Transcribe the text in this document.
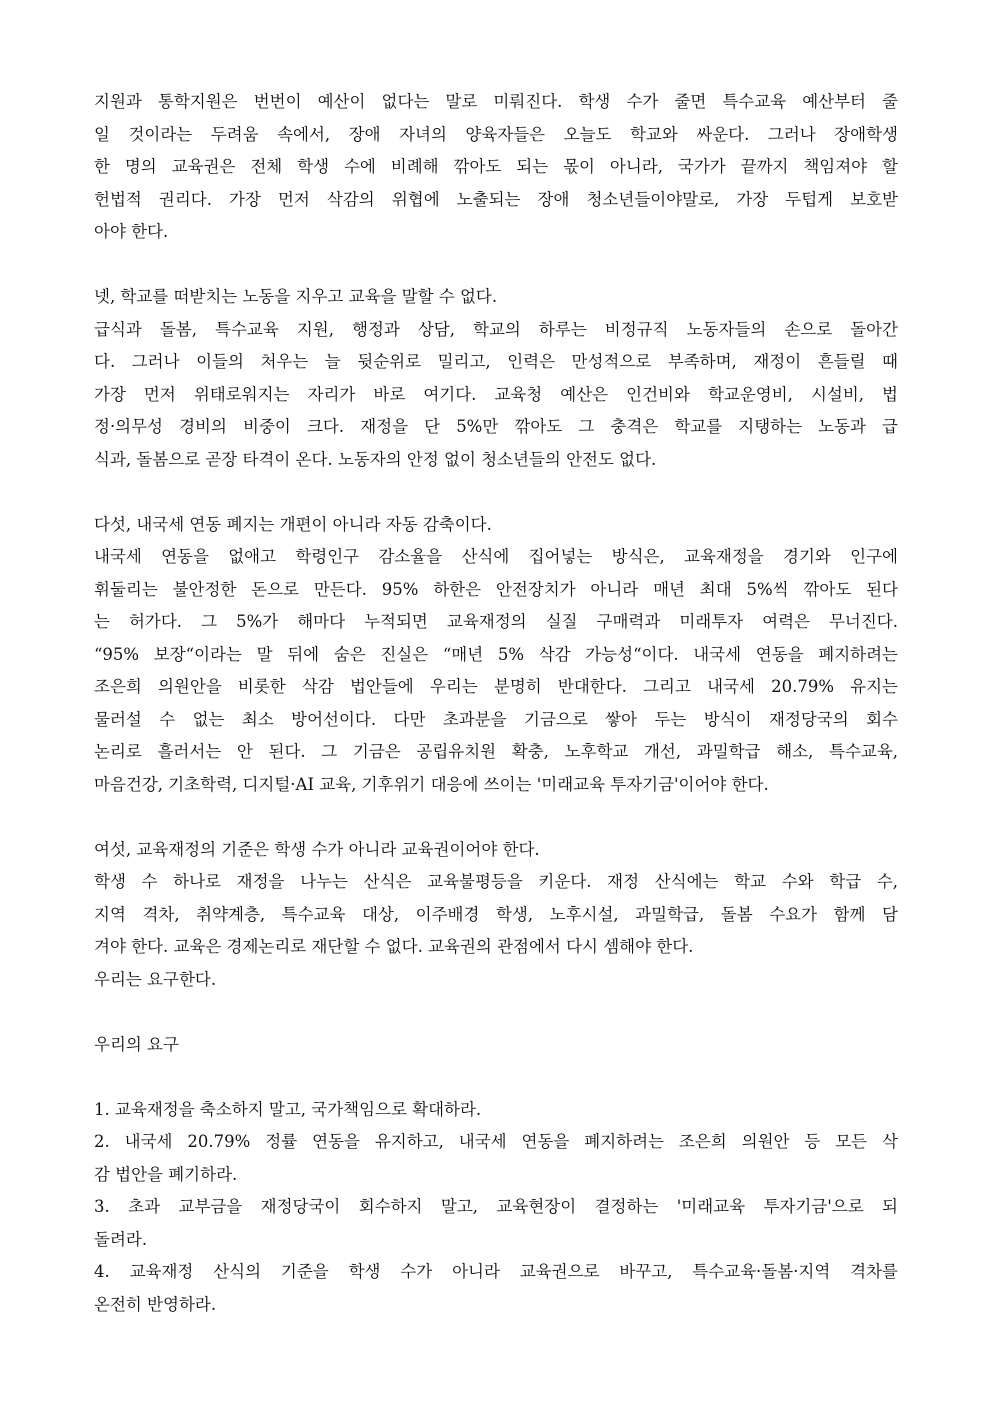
지원과 통학지원은 번번이 예산이 없다는 말로 미뤄진다. 학생 수가 줄면 특수교육 예산부터 줄
일 것이라는 두려움 속에서, 장애 자녀의 양육자들은 오늘도 학교와 싸운다. 그러나 장애학생
한 명의 교육권은 전체 학생 수에 비례해 깎아도 되는 몫이 아니라, 국가가 끝까지 책임져야 할
헌법적 권리다. 가장 먼저 삭감의 위협에 노출되는 장애 청소년들이야말로, 가장 두텁게 보호받
아야 한다.
넷, 학교를 떠받치는 노동을 지우고 교육을 말할 수 없다.
급식과 돌봄, 특수교육 지원, 행정과 상담, 학교의 하루는 비정규직 노동자들의 손으로 돌아간
다. 그러나 이들의 처우는 늘 뒷순위로 밀리고, 인력은 만성적으로 부족하며, 재정이 흔들릴 때
가장 먼저 위태로워지는 자리가 바로 여기다. 교육청 예산은 인건비와 학교운영비, 시설비, 법
정·의무성 경비의 비중이 크다. 재정을 단 5%만 깎아도 그 충격은 학교를 지탱하는 노동과 급
식과, 돌봄으로 곧장 타격이 온다. 노동자의 안정 없이 청소년들의 안전도 없다.
다섯, 내국세 연동 폐지는 개편이 아니라 자동 감축이다.
내국세 연동을 없애고 학령인구 감소율을 산식에 집어넣는 방식은, 교육재정을 경기와 인구에
휘둘리는 불안정한 돈으로 만든다. 95% 하한은 안전장치가 아니라 매년 최대 5%씩 깎아도 된다
는 허가다. 그 5%가 해마다 누적되면 교육재정의 실질 구매력과 미래투자 여력은 무너진다.
“95% 보장“이라는 말 뒤에 숨은 진실은 “매년 5% 삭감 가능성“이다. 내국세 연동을 폐지하려는
조은희 의원안을 비롯한 삭감 법안들에 우리는 분명히 반대한다. 그리고 내국세 20.79% 유지는
물러설 수 없는 최소 방어선이다. 다만 초과분을 기금으로 쌓아 두는 방식이 재정당국의 회수
논리로 흘러서는 안 된다. 그 기금은 공립유치원 확충, 노후학교 개선, 과밀학급 해소, 특수교육,
마음건강, 기초학력, 디지털·AI 교육, 기후위기 대응에 쓰이는 '미래교육 투자기금'이어야 한다.
여섯, 교육재정의 기준은 학생 수가 아니라 교육권이어야 한다.
학생 수 하나로 재정을 나누는 산식은 교육불평등을 키운다. 재정 산식에는 학교 수와 학급 수,
지역 격차, 취약계층, 특수교육 대상, 이주배경 학생, 노후시설, 과밀학급, 돌봄 수요가 함께 담
겨야 한다. 교육은 경제논리로 재단할 수 없다. 교육권의 관점에서 다시 셈해야 한다.
우리는 요구한다.
우리의 요구
1. 교육재정을 축소하지 말고, 국가책임으로 확대하라.
2. 내국세 20.79% 정률 연동을 유지하고, 내국세 연동을 폐지하려는 조은희 의원안 등 모든 삭
감 법안을 폐기하라.
3. 초과 교부금을 재정당국이 회수하지 말고, 교육현장이 결정하는 '미래교육 투자기금'으로 되
돌려라.
4. 교육재정 산식의 기준을 학생 수가 아니라 교육권으로 바꾸고, 특수교육·돌봄·지역 격차를
온전히 반영하라.
